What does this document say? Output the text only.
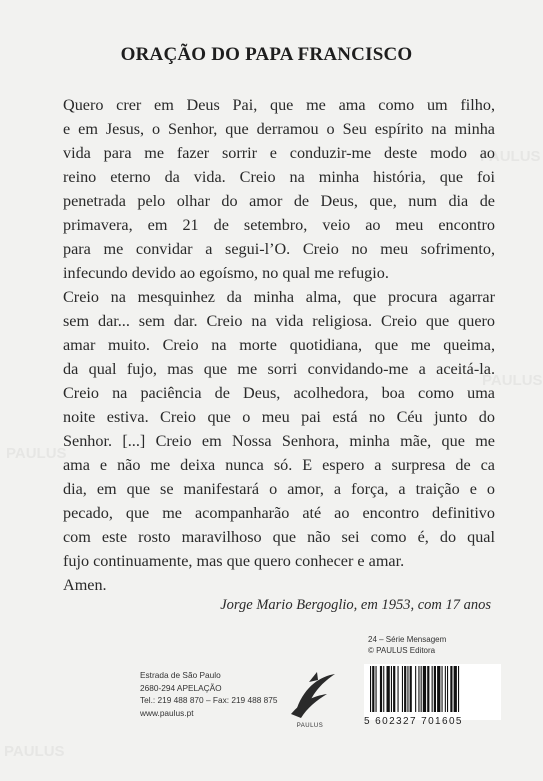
PAULUS
PAULUS
PAULUS
PAULUS
ORAÇÃO DO PAPA FRANCISCO
Quero crer em Deus Pai, que me ama como um filho,
e em Jesus, o Senhor, que derramou o Seu espírito na minha
vida para me fazer sorrir e conduzir-me deste modo ao
reino eterno da vida. Creio na minha história, que foi
penetrada pelo olhar do amor de Deus, que, num dia de
primavera, em 21 de setembro, veio ao meu encontro
para me convidar a segui-l’O. Creio no meu sofrimento,
infecundo devido ao egoísmo, no qual me refugio.
Creio na mesquinhez da minha alma, que procura agarrar
sem dar... sem dar. Creio na vida religiosa. Creio que quero
amar muito. Creio na morte quotidiana, que me queima,
da qual fujo, mas que me sorri convidando-me a aceitá-la.
Creio na paciência de Deus, acolhedora, boa como uma
noite estiva. Creio que o meu pai está no Céu junto do
Senhor. [...] Creio em Nossa Senhora, minha mãe, que me
ama e não me deixa nunca só. E espero a surpresa de ca
dia, em que se manifestará o amor, a força, a traição e o
pecado, que me acompanharão até ao encontro definitivo
com este rosto maravilhoso que não sei como é, do qual
fujo continuamente, mas que quero conhecer e amar.
Amen.
Jorge Mario Bergoglio, em 1953, com 17 anos
Estrada de São Paulo
2680-294 APELAÇÃO
Tel.: 219 488 870 – Fax: 219 488 875
www.paulus.pt
PAULUS
24 – Série Mensagem
© PAULUS Editora
5 602327 701605
